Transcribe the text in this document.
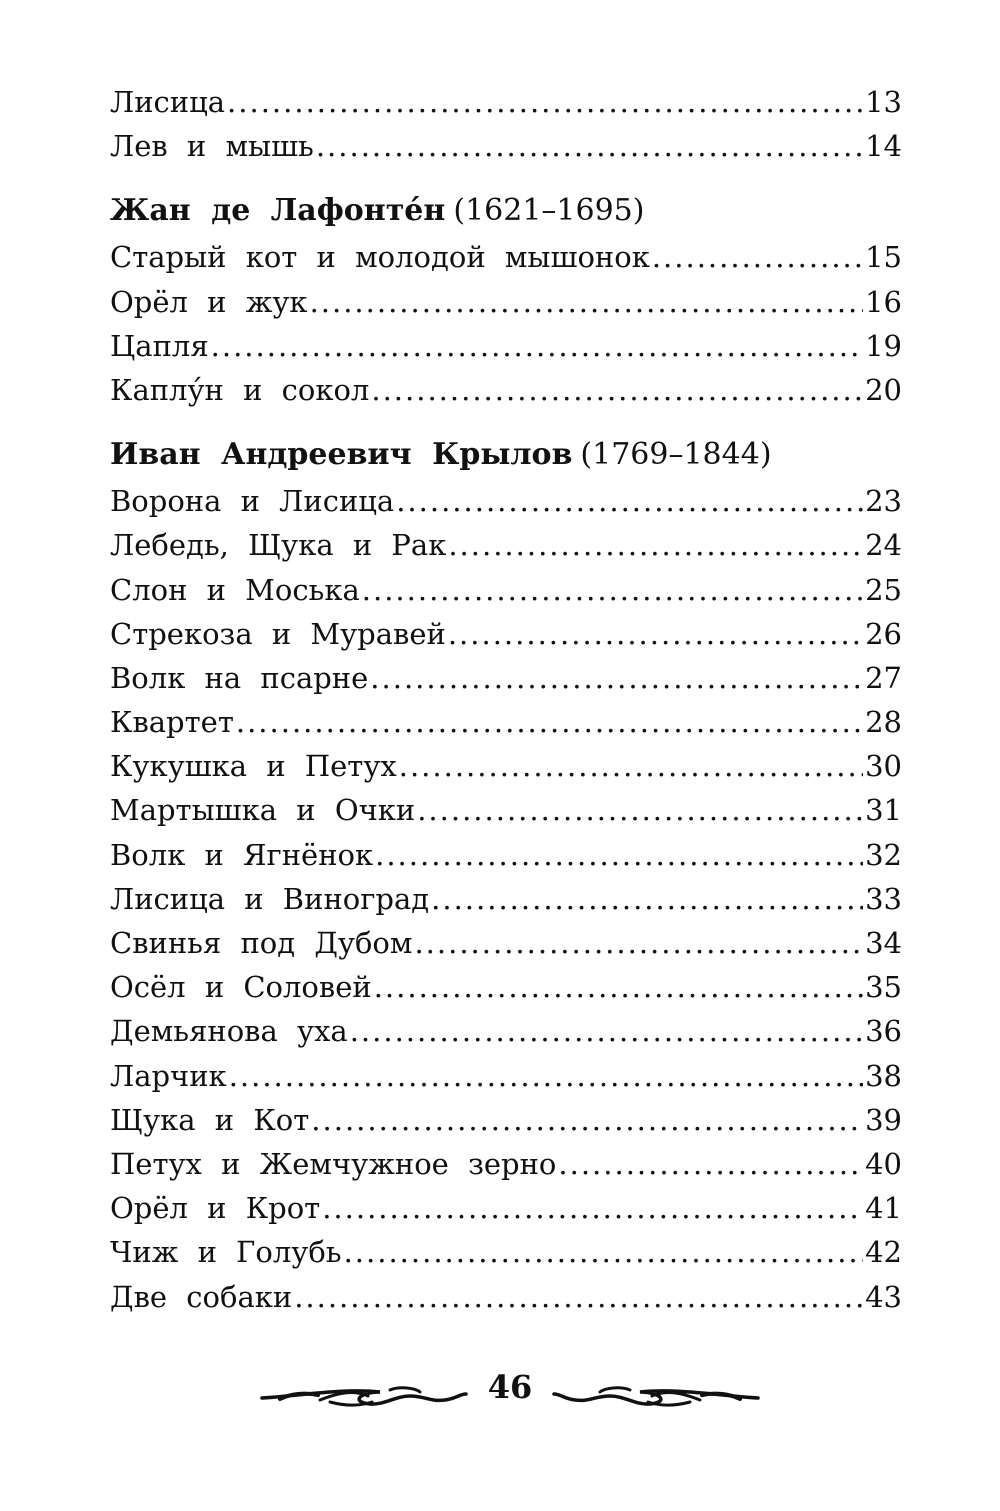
Лисица .....	13
Лев и мышь .....	14
Жан де Лафонте́н (1621–1695)
Старый кот и молодой мышонок .....	15
Орёл и жук .....	16
Цапля .....	19
Каплу́н и сокол .....	20
Иван Андреевич Крылов (1769–1844)
Ворона и Лисица .....	23
Лебедь, Щука и Рак .....	24
Слон и Моська .....	25
Стрекоза и Муравей .....	26
Волк на псарне .....	27
Квартет .....	28
Кукушка и Петух .....	30
Мартышка и Очки .....	31
Волк и Ягнёнок .....	32
Лисица и Виноград .....	33
Свинья под Дубом .....	34
Осёл и Соловей .....	35
Демьянова уха .....	36
Ларчик .....	38
Щука и Кот .....	39
Петух и Жемчужное зерно .....	40
Орёл и Крот .....	41
Чиж и Голубь .....	42
Две собаки .....	43
46
